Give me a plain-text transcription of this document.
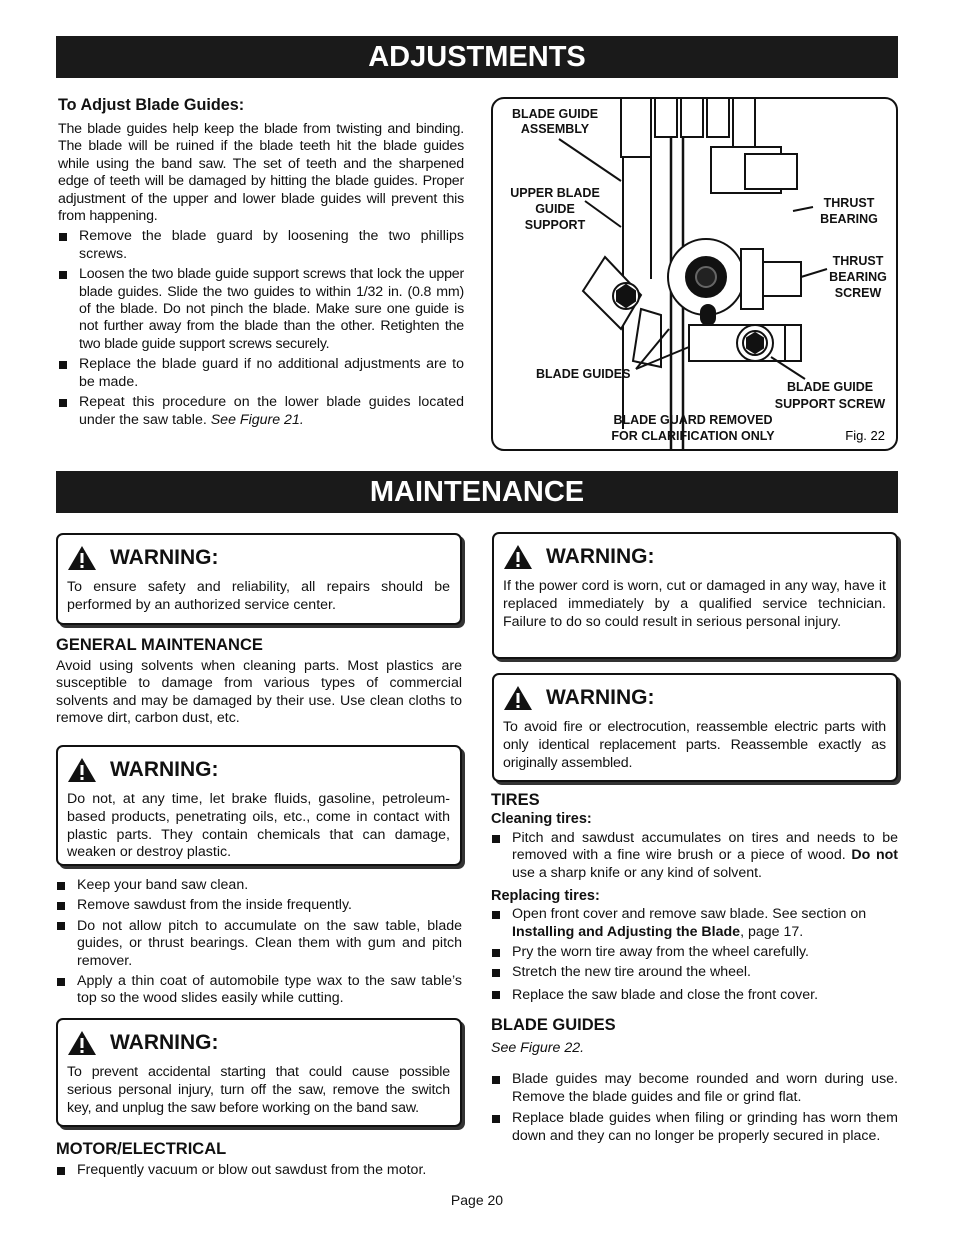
ADJUSTMENTS
MAINTENANCE
To Adjust Blade Guides:

The blade guides help keep the blade from twisting and binding. The blade will be ruined if the blade teeth hit the blade guides while using the band saw. The set of teeth and the sharpened edge of teeth will be damaged by hitting the blade guides. Proper adjustment of the upper and lower blade guides will prevent this from happening.

Remove the blade guard by loosening the two phillips screws.
Loosen the two blade guide support screws that lock the upper blade guides. Slide the two guides to within 1/32 in. (0.8 mm) of the blade. Do not pinch the blade. Make sure one guide is not further away from the blade than the other. Retighten the two blade guide support screws securely.
Replace the blade guard if no additional adjustments are to be made.
Repeat this procedure on the lower blade guides located under the saw table. See Figure 21.
BLADE GUIDE
ASSEMBLY
UPPER BLADE
GUIDE
SUPPORT
THRUST
BEARING
THRUST
BEARING
SCREW
BLADE GUIDES
BLADE GUIDE
SUPPORT SCREW
BLADE GUARD REMOVED
FOR CLARIFICATION ONLY	Fig. 22
WARNING:

To ensure safety and reliability, all repairs should be performed by an authorized service center.

GENERAL MAINTENANCE

Avoid using solvents when cleaning parts. Most plastics are susceptible to damage from various types of commercial solvents and may be damaged by their use. Use clean cloths to remove dirt, carbon dust, etc.

WARNING:

Do not, at any time, let brake fluids, gasoline, petroleum-based products, penetrating oils, etc., come in contact with plastic parts. They contain chemicals that can damage, weaken or destroy plastic.

Keep your band saw clean.
Remove sawdust from the inside frequently.
Do not allow pitch to accumulate on the saw table, blade guides, or thrust bearings. Clean them with gum and pitch remover.
Apply a thin coat of automobile type wax to the saw table’s top so the wood slides easily while cutting.
WARNING:

To prevent accidental starting that could cause possible serious personal injury, turn off the saw, remove the switch key, and unplug the saw before working on the band saw.

MOTOR/ELECTRICAL
Frequently vacuum or blow out sawdust from the motor.
WARNING:

If the power cord is worn, cut or damaged in any way, have it replaced immediately by a qualified service technician. Failure to do so could result in serious personal injury.

WARNING:

To avoid fire or electrocution, reassemble electric parts with only identical replacement parts. Reassemble exactly as originally assembled.

TIRES
Cleaning tires:
Pitch and sawdust accumulates on tires and needs to be removed with a fine wire brush or a piece of wood. Do not use a sharp knife or any kind of solvent.
Replacing tires:
Open front cover and remove saw blade. See section on Installing and Adjusting the Blade, page 17.
Pry the worn tire away from the wheel carefully.
Stretch the new tire around the wheel.
Replace the saw blade and close the front cover.
BLADE GUIDES

See Figure 22.

Blade guides may become rounded and worn during use. Remove the blade guides and file or grind flat.
Replace blade guides when filing or grinding has worn them down and they can no longer be properly secured in place.
Page 20
